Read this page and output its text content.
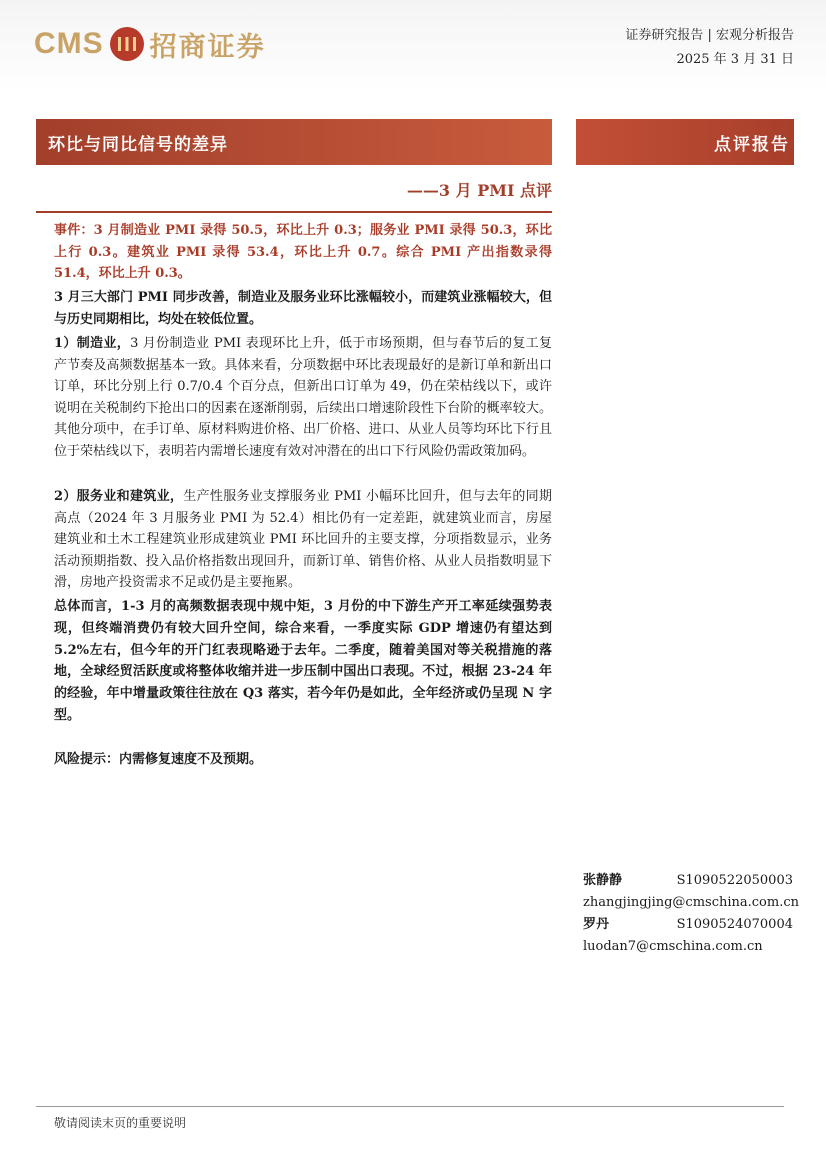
CMS 招商证券	证券研究报告 | 宏观分析报告
2025 年 3 月 31 日
环比与同比信号的差异
——3 月 PMI 点评
点评报告

事件：3 月制造业 PMI 录得 50.5，环比上升 0.3；服务业 PMI 录得 50.3，环比上行 0.3。建筑业 PMI 录得 53.4，环比上升 0.7。综合 PMI 产出指数录得 51.4，环比上升 0.3。

3 月三大部门 PMI 同步改善，制造业及服务业环比涨幅较小，而建筑业涨幅较大，但与历史同期相比，均处在较低位置。

1）制造业，3 月份制造业 PMI 表现环比上升，低于市场预期，但与春节后的复工复产节奏及高频数据基本一致。具体来看，分项数据中环比表现最好的是新订单和新出口订单，环比分别上行 0.7/0.4 个百分点，但新出口订单为 49，仍在荣枯线以下，或许说明在关税制约下抢出口的因素在逐渐削弱，后续出口增速阶段性下台阶的概率较大。其他分项中，在手订单、原材料购进价格、出厂价格、进口、从业人员等均环比下行且位于荣枯线以下，表明若内需增长速度有效对冲潜在的出口下行风险仍需政策加码。

2）服务业和建筑业，生产性服务业支撑服务业 PMI 小幅环比回升，但与去年的同期高点（2024 年 3 月服务业 PMI 为 52.4）相比仍有一定差距，就建筑业而言，房屋建筑业和土木工程建筑业形成建筑业 PMI 环比回升的主要支撑，分项指数显示，业务活动预期指数、投入品价格指数出现回升，而新订单、销售价格、从业人员指数明显下滑，房地产投资需求不足或仍是主要拖累。

总体而言，1-3 月的高频数据表现中规中矩，3 月份的中下游生产开工率延续强势表现，但终端消费仍有较大回升空间，综合来看，一季度实际 GDP 增速仍有望达到 5.2%左右，但今年的开门红表现略逊于去年。二季度，随着美国对等关税措施的落地，全球经贸活跃度或将整体收缩并进一步压制中国出口表现。不过，根据 23-24 年的经验，年中增量政策往往放在 Q3 落实，若今年仍是如此，全年经济或仍呈现 N 字型。

风险提示：内需修复速度不及预期。

张静静	S1090522050003
zhangjingjing@cmschina.com.cn
罗丹	S1090524070004
luodan7@cmschina.com.cn
敬请阅读末页的重要说明
